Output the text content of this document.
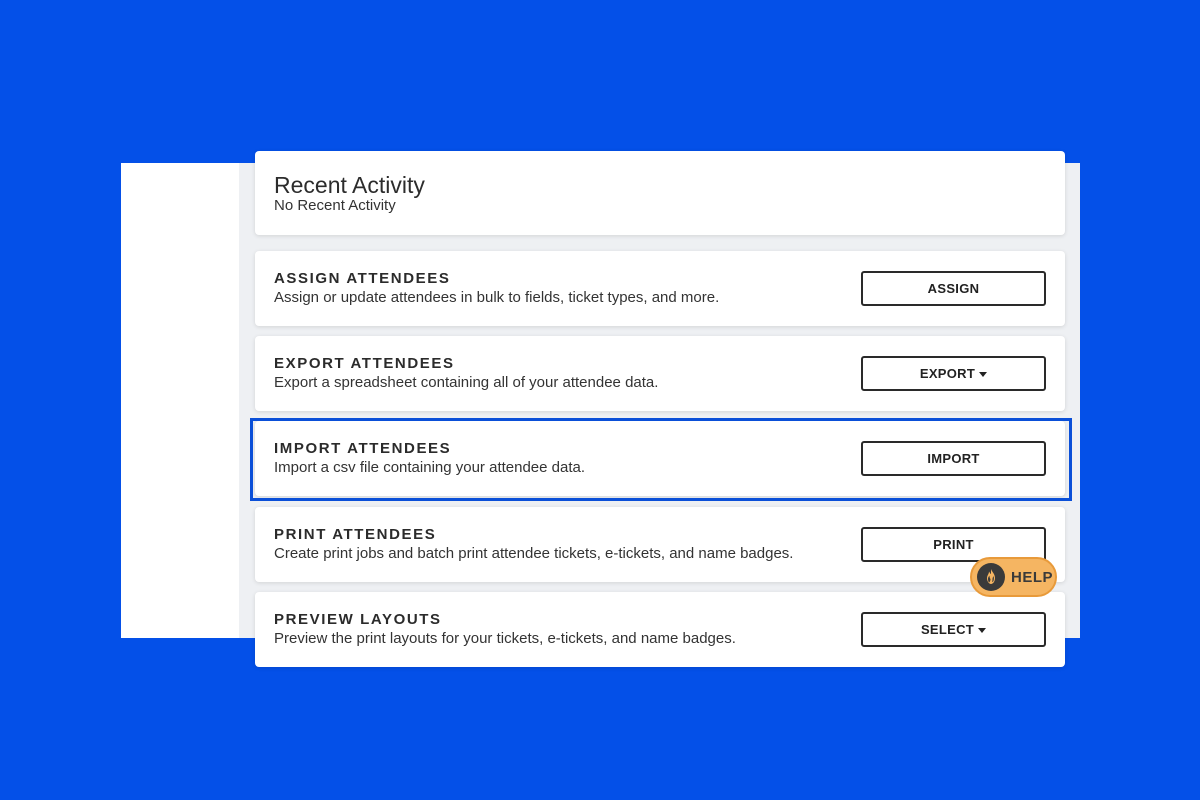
Recent Activity
No Recent Activity
ASSIGN ATTENDEES
Assign or update attendees in bulk to fields, ticket types, and more.
ASSIGN
EXPORT ATTENDEES
Export a spreadsheet containing all of your attendee data.
EXPORT
IMPORT ATTENDEES
Import a csv file containing your attendee data.
IMPORT
PRINT ATTENDEES
Create print jobs and batch print attendee tickets, e-tickets, and name badges.
PRINT
PREVIEW LAYOUTS
Preview the print layouts for your tickets, e-tickets, and name badges.
SELECT
HELP
